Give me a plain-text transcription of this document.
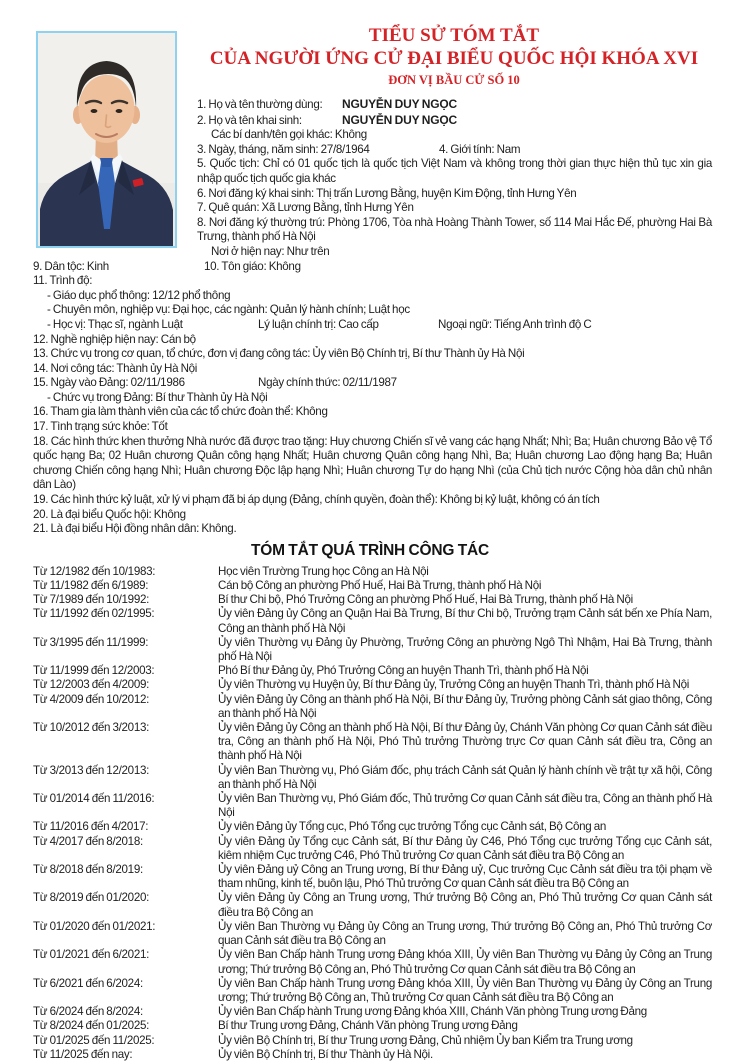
TIỂU SỬ TÓM TẮT
CỦA NGƯỜI ỨNG CỬ ĐẠI BIỂU QUỐC HỘI KHÓA XVI
ĐƠN VỊ BẦU CỬ SỐ 10

1. Họ và tên thường dùng: NGUYỄN DUY NGỌC

2. Họ và tên khai sinh:	NGUYỄN DUY NGỌC

Các bí danh/tên gọi khác: Không

3. Ngày, tháng, năm sinh: 27/8/1964	4. Giới tính: Nam

5. Quốc tịch: Chỉ có 01 quốc tịch là quốc tịch Việt Nam và không trong thời gian thực hiện thủ tục xin gia nhập quốc tịch quốc gia khác

6. Nơi đăng ký khai sinh: Thị trấn Lương Bằng, huyện Kim Động, tỉnh Hưng Yên

7. Quê quán: Xã Lương Bằng, tỉnh Hưng Yên

8. Nơi đăng ký thường trú: Phòng 1706, Tòa nhà Hoàng Thành Tower, số 114 Mai Hắc Đế, phường Hai Bà Trưng, thành phố Hà Nội

Nơi ở hiện nay: Như trên

9. Dân tộc: Kinh	10. Tôn giáo: Không

11. Trình độ:

- Giáo dục phổ thông: 12/12 phổ thông

- Chuyên môn, nghiệp vụ: Đại học, các ngành: Quản lý hành chính; Luật học

- Học vị: Thạc sĩ, ngành Luật	Lý luận chính trị: Cao cấp	Ngoại ngữ: Tiếng Anh trình độ C

12. Nghề nghiệp hiện nay: Cán bộ

13. Chức vụ trong cơ quan, tổ chức, đơn vị đang công tác: Ủy viên Bộ Chính trị, Bí thư Thành ủy Hà Nội

14. Nơi công tác: Thành ủy Hà Nội

15. Ngày vào Đảng: 02/11/1986	Ngày chính thức: 02/11/1987

- Chức vụ trong Đảng: Bí thư Thành ủy Hà Nội

16. Tham gia làm thành viên của các tổ chức đoàn thể: Không

17. Tình trạng sức khỏe: Tốt

18. Các hình thức khen thưởng Nhà nước đã được trao tặng: Huy chương Chiến sĩ vẻ vang các hạng Nhất; Nhì; Ba; Huân chương Bảo vệ Tổ quốc hạng Ba; 02 Huân chương Quân công hạng Nhất; Huân chương Quân công hạng Nhì, Ba; Huân chương Lao động hạng Ba; Huân chương Chiến công hạng Nhì; Huân chương Độc lập hạng Nhì; Huân chương Tự do hạng Nhì (của Chủ tịch nước Cộng hòa dân chủ nhân dân Lào)

19. Các hình thức kỷ luật, xử lý vi phạm đã bị áp dụng (Đảng, chính quyền, đoàn thể): Không bị kỷ luật, không có án tích

20. Là đại biểu Quốc hội: Không

21. Là đại biểu Hội đồng nhân dân: Không.

TÓM TẮT QUÁ TRÌNH CÔNG TÁC
Từ 12/1982 đến 10/1983:	Học viên Trường Trung học Công an Hà Nội
Từ 11/1982 đến 6/1989:	Cán bộ Công an phường Phố Huế, Hai Bà Trưng, thành phố Hà Nội
Từ 7/1989 đến 10/1992:	Bí thư Chi bộ, Phó Trưởng Công an phường Phố Huế, Hai Bà Trưng, thành phố Hà Nội
Từ 11/1992 đến 02/1995:	Ủy viên Đảng ủy Công an Quận Hai Bà Trưng, Bí thư Chi bộ, Trưởng trạm Cảnh sát bến xe Phía Nam, Công an thành phố Hà Nội
Từ 3/1995 đến 11/1999:	Ủy viên Thường vụ Đảng ủy Phường, Trưởng Công an phường Ngô Thì Nhậm, Hai Bà Trưng, thành phố Hà Nội
Từ 11/1999 đến 12/2003:	Phó Bí thư Đảng ủy, Phó Trưởng Công an huyện Thanh Trì, thành phố Hà Nội
Từ 12/2003 đến 4/2009:	Ủy viên Thường vụ Huyện ủy, Bí thư Đảng ủy, Trưởng Công an huyện Thanh Trì, thành phố Hà Nội
Từ 4/2009 đến 10/2012:	Ủy viên Đảng ủy Công an thành phố Hà Nội, Bí thư Đảng ủy, Trưởng phòng Cảnh sát giao thông, Công an thành phố Hà Nội
Từ 10/2012 đến 3/2013:	Ủy viên Đảng ủy Công an thành phố Hà Nội, Bí thư Đảng ủy, Chánh Văn phòng Cơ quan Cảnh sát điều tra, Công an thành phố Hà Nội, Phó Thủ trưởng Thường trực Cơ quan Cảnh sát điều tra, Công an thành phố Hà Nội
Từ 3/2013 đến 12/2013:	Ủy viên Ban Thường vụ, Phó Giám đốc, phụ trách Cảnh sát Quản lý hành chính về trật tự xã hội, Công an thành phố Hà Nội
Từ 01/2014 đến 11/2016:	Ủy viên Ban Thường vụ, Phó Giám đốc, Thủ trưởng Cơ quan Cảnh sát điều tra, Công an thành phố Hà Nội
Từ 11/2016 đến 4/2017:	Ủy viên Đảng ủy Tổng cục, Phó Tổng cục trưởng Tổng cục Cảnh sát, Bộ Công an
Từ 4/2017 đến 8/2018:	Ủy viên Đảng ủy Tổng cục Cảnh sát, Bí thư Đảng ủy C46, Phó Tổng cục trưởng Tổng cục Cảnh sát, kiêm nhiệm Cục trưởng C46, Phó Thủ trưởng Cơ quan Cảnh sát điều tra Bộ Công an
Từ 8/2018 đến 8/2019:	Ủy viên Đảng uỷ Công an Trung ương, Bí thư Đảng uỷ, Cục trưởng Cục Cảnh sát điều tra tội phạm về tham nhũng, kinh tế, buôn lậu, Phó Thủ trưởng Cơ quan Cảnh sát điều tra Bộ Công an
Từ 8/2019 đến 01/2020:	Ủy viên Đảng ủy Công an Trung ương, Thứ trưởng Bộ Công an, Phó Thủ trưởng Cơ quan Cảnh sát điều tra Bộ Công an
Từ 01/2020 đến 01/2021:	Ủy viên Ban Thường vụ Đảng ủy Công an Trung ương, Thứ trưởng Bộ Công an, Phó Thủ trưởng Cơ quan Cảnh sát điều tra Bộ Công an
Từ 01/2021 đến 6/2021:	Ủy viên Ban Chấp hành Trung ương Đảng khóa XIII, Ủy viên Ban Thường vụ Đảng ủy Công an Trung ương; Thứ trưởng Bộ Công an, Phó Thủ trưởng Cơ quan Cảnh sát điều tra Bộ Công an
Từ 6/2021 đến 6/2024:	Ủy viên Ban Chấp hành Trung ương Đảng khóa XIII, Ủy viên Ban Thường vụ Đảng ủy Công an Trung ương; Thứ trưởng Bộ Công an, Thủ trưởng Cơ quan Cảnh sát điều tra Bộ Công an
Từ 6/2024 đến 8/2024:	Ủy viên Ban Chấp hành Trung ương Đảng khóa XIII, Chánh Văn phòng Trung ương Đảng
Từ 8/2024 đến 01/2025:	Bí thư Trung ương Đảng, Chánh Văn phòng Trung ương Đảng
Từ 01/2025 đến 11/2025:	Ủy viên Bộ Chính trị, Bí thư Trung ương Đảng, Chủ nhiệm Ủy ban Kiểm tra Trung ương
Từ 11/2025 đến nay:	Ủy viên Bộ Chính trị, Bí thư Thành ủy Hà Nội.
